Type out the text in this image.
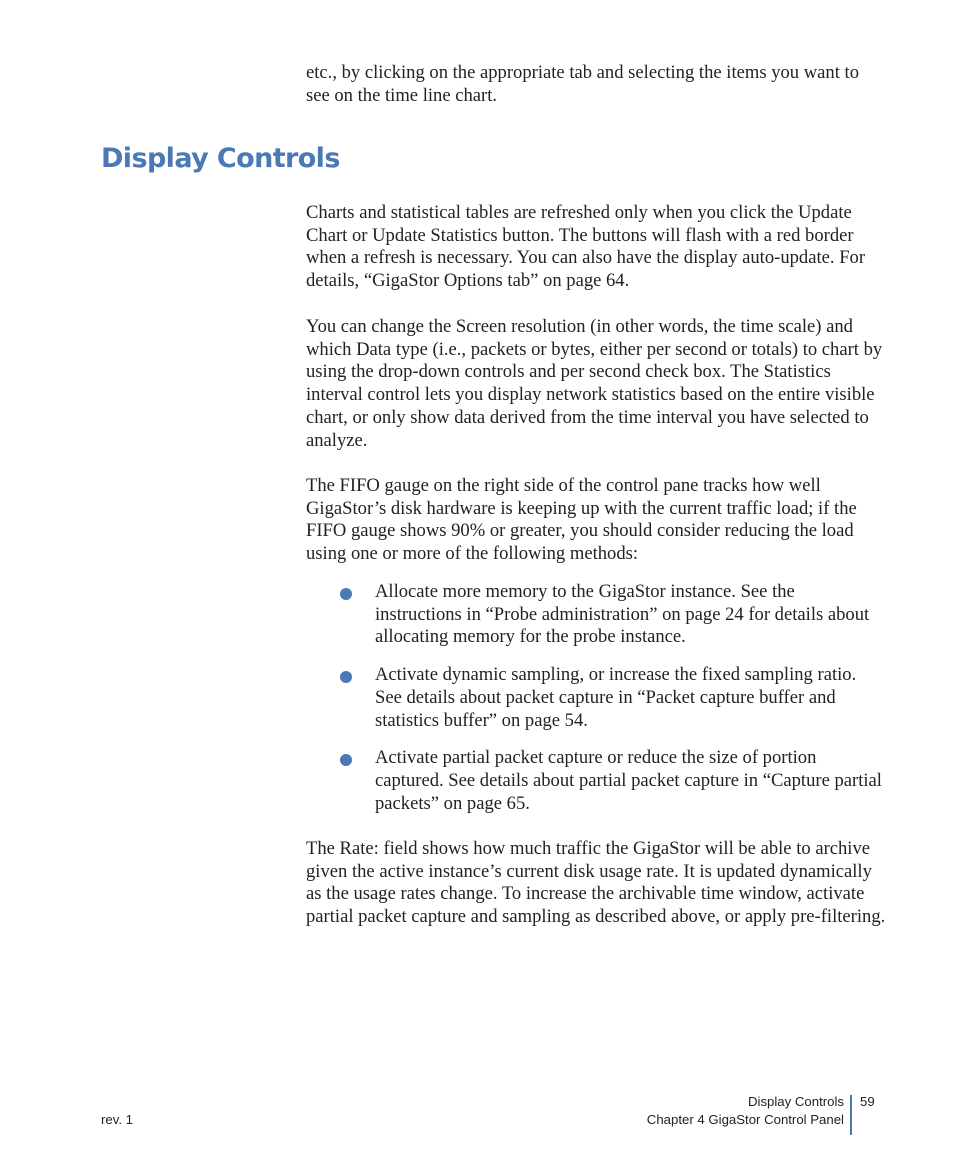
etc., by clicking on the appropriate tab and selecting the items you want to see on the time line chart.

Display Controls

Charts and statistical tables are refreshed only when you click the Update Chart or Update Statistics button. The buttons will flash with a red border when a refresh is necessary. You can also have the display auto-update. For details, “GigaStor Options tab” on page 64.

You can change the Screen resolution (in other words, the time scale) and which Data type (i.e., packets or bytes, either per second or totals) to chart by using the drop-down controls and per second check box. The Statistics interval control lets you display network statistics based on the entire visible chart, or only show data derived from the time interval you have selected to analyze.

The FIFO gauge on the right side of the control pane tracks how well GigaStor’s disk hardware is keeping up with the current traffic load; if the FIFO gauge shows 90% or greater, you should consider reducing the load using one or more of the following methods:

Allocate more memory to the GigaStor instance. See the instructions in “Probe administration” on page 24 for details about allocating memory for the probe instance.
Activate dynamic sampling, or increase the fixed sampling ratio. See details about packet capture in “Packet capture buffer and statistics buffer” on page 54.
Activate partial packet capture or reduce the size of portion captured. See details about partial packet capture in “Capture partial packets” on page 65.

The Rate: field shows how much traffic the GigaStor will be able to archive given the active instance’s current disk usage rate. It is updated dynamically as the usage rates change. To increase the archivable time window, activate partial packet capture and sampling as described above, or apply pre-filtering.

rev. 1
Display Controls
Chapter 4 GigaStor Control Panel
59
